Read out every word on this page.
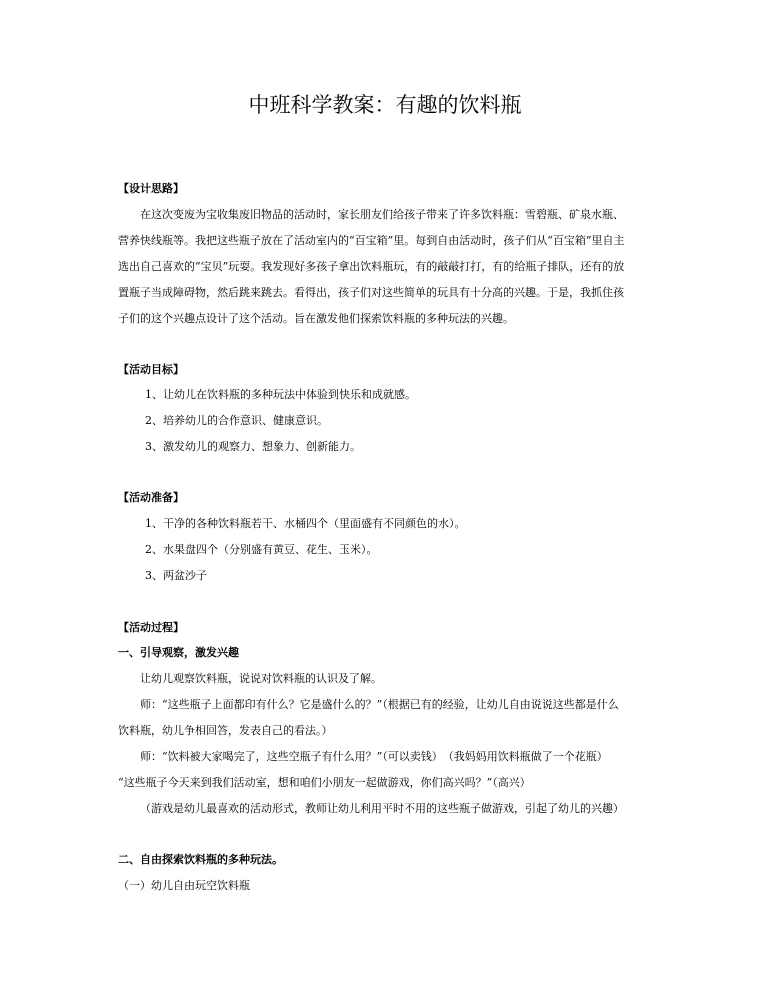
中班科学教案：有趣的饮料瓶
【设计思路】
在这次变废为宝收集废旧物品的活动时，家长朋友们给孩子带来了许多饮料瓶：雪碧瓶、矿泉水瓶、
营养快线瓶等。我把这些瓶子放在了活动室内的“百宝箱”里。每到自由活动时，孩子们从“百宝箱”里自主
选出自己喜欢的“宝贝”玩耍。我发现好多孩子拿出饮料瓶玩，有的敲敲打打，有的给瓶子排队，还有的放
置瓶子当成障碍物，然后跳来跳去。看得出，孩子们对这些简单的玩具有十分高的兴趣。于是，我抓住孩
子们的这个兴趣点设计了这个活动。旨在激发他们探索饮料瓶的多种玩法的兴趣。
【活动目标】
1、让幼儿在饮料瓶的多种玩法中体验到快乐和成就感。
2、培养幼儿的合作意识、健康意识。
3、激发幼儿的观察力、想象力、创新能力。
【活动准备】
1、干净的各种饮料瓶若干、水桶四个（里面盛有不同颜色的水）。
2、水果盘四个（分别盛有黄豆、花生、玉米）。
3、两盆沙子
【活动过程】
一、引导观察，激发兴趣
让幼儿观察饮料瓶，说说对饮料瓶的认识及了解。
师：“这些瓶子上面都印有什么？它是盛什么的？”（根据已有的经验，让幼儿自由说说这些都是什么
饮料瓶，幼儿争相回答，发表自己的看法。）
师：“饮料被大家喝完了，这些空瓶子有什么用？”（可以卖钱）　（我妈妈用饮料瓶做了一个花瓶）
“这些瓶子今天来到我们活动室，想和咱们小朋友一起做游戏，你们高兴吗？”（高兴）
（游戏是幼儿最喜欢的活动形式，教师让幼儿利用平时不用的这些瓶子做游戏，引起了幼儿的兴趣）
二、自由探索饮料瓶的多种玩法。
（一）幼儿自由玩空饮料瓶
